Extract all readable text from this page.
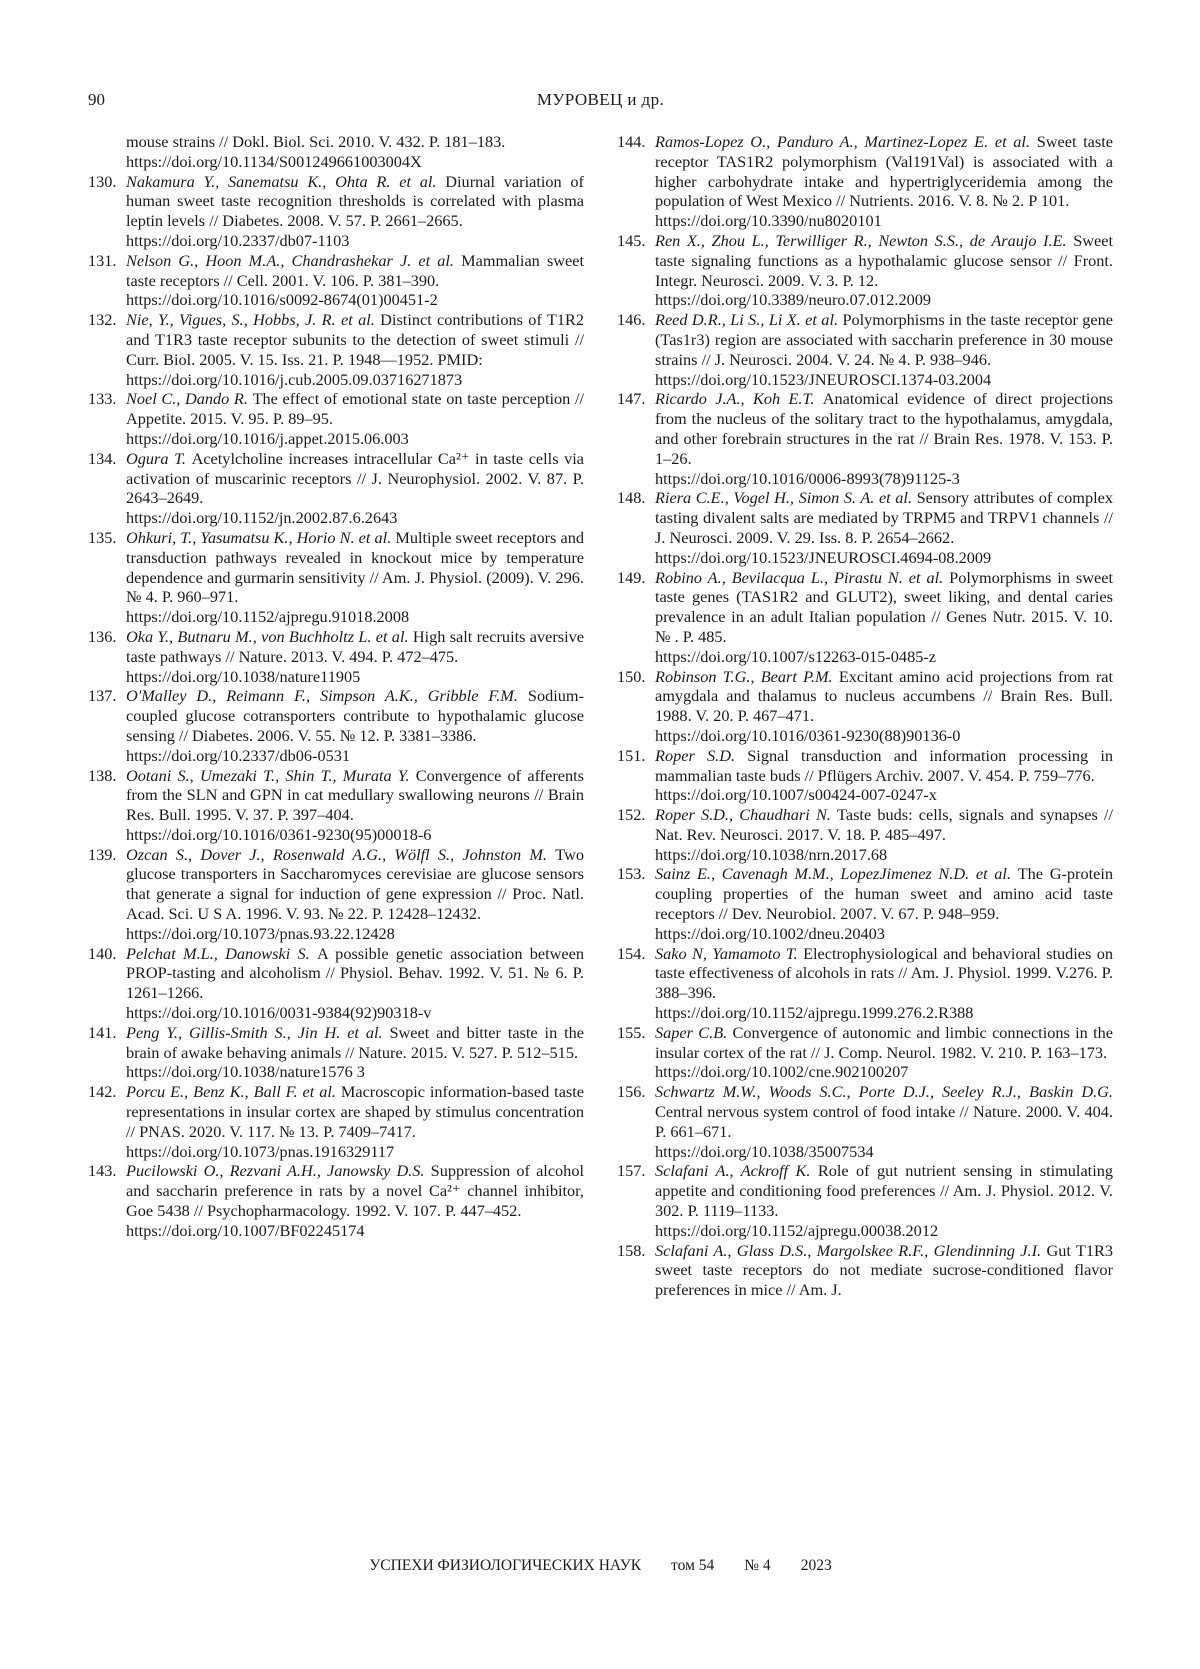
90	МУРОВЕЦ и др.

mouse strains // Dokl. Biol. Sci. 2010. V. 432. P. 181–183.

https://doi.org/10.1134/S001249661003004X
130. Nakamura Y., Sanematsu K., Ohta R. et al. Diurnal variation of human sweet taste recognition thresholds is correlated with plasma leptin levels // Diabetes. 2008. V. 57. P. 2661–2665.

https://doi.org/10.2337/db07-1103
131. Nelson G., Hoon M.A., Chandrashekar J. et al. Mammalian sweet taste receptors // Cell. 2001. V. 106. P. 381–390.

https://doi.org/10.1016/s0092-8674(01)00451-2
132. Nie, Y., Vigues, S., Hobbs, J. R. et al. Distinct contributions of T1R2 and T1R3 taste receptor subunits to the detection of sweet stimuli // Curr. Biol. 2005. V. 15. Iss. 21. P. 1948—1952. PMID:

https://doi.org/10.1016/j.cub.2005.09.03716271873
133. Noel C., Dando R. The effect of emotional state on taste perception // Appetite. 2015. V. 95. P. 89–95.

https://doi.org/10.1016/j.appet.2015.06.003
134. Ogura T. Acetylcholine increases intracellular Ca²⁺ in taste cells via activation of muscarinic receptors // J. Neurophysiol. 2002. V. 87. P. 2643–2649.

https://doi.org/10.1152/jn.2002.87.6.2643
135. Ohkuri, T., Yasumatsu K., Horio N. et al. Multiple sweet receptors and transduction pathways revealed in knockout mice by temperature dependence and gurmarin sensitivity // Am. J. Physiol. (2009). V. 296. № 4. P. 960–971.

https://doi.org/10.1152/ajpregu.91018.2008
136. Oka Y., Butnaru M., von Buchholtz L. et al. High salt recruits aversive taste pathways // Nature. 2013. V. 494. P. 472–475.

https://doi.org/10.1038/nature11905
137. O'Malley D., Reimann F., Simpson A.K., Gribble F.M. Sodium-coupled glucose cotransporters contribute to hypothalamic glucose sensing // Diabetes. 2006. V. 55. № 12. P. 3381–3386.

https://doi.org/10.2337/db06-0531
138. Ootani S., Umezaki T., Shin T., Murata Y. Convergence of afferents from the SLN and GPN in cat medullary swallowing neurons // Brain Res. Bull. 1995. V. 37. P. 397–404.

https://doi.org/10.1016/0361-9230(95)00018-6
139. Ozcan S., Dover J., Rosenwald A.G., Wölfl S., Johnston M. Two glucose transporters in Saccharomyces cerevisiae are glucose sensors that generate a signal for induction of gene expression // Proc. Natl. Acad. Sci. U S A. 1996. V. 93. № 22. P. 12428–12432.

https://doi.org/10.1073/pnas.93.22.12428
140. Pelchat M.L., Danowski S. A possible genetic association between PROP-tasting and alcoholism // Physiol. Behav. 1992. V. 51. № 6. P. 1261–1266.

https://doi.org/10.1016/0031-9384(92)90318-v
141. Peng Y., Gillis-Smith S., Jin H. et al. Sweet and bitter taste in the brain of awake behaving animals // Nature. 2015. V. 527. P. 512–515.

https://doi.org/10.1038/nature1576 3
142. Porcu E., Benz K., Ball F. et al. Macroscopic information-based taste representations in insular cortex are shaped by stimulus concentration // PNAS. 2020. V. 117. № 13. P. 7409–7417.

https://doi.org/10.1073/pnas.1916329117
143. Pucilowski O., Rezvani A.H., Janowsky D.S. Suppression of alcohol and saccharin preference in rats by a novel Ca²⁺ channel inhibitor, Goe 5438 // Psychopharmacology. 1992. V. 107. P. 447–452.

https://doi.org/10.1007/BF02245174
144. Ramos-Lopez O., Panduro A., Martinez-Lopez E. et al. Sweet taste receptor TAS1R2 polymorphism (Val191Val) is associated with a higher carbohydrate intake and hypertriglyceridemia among the population of West Mexico // Nutrients. 2016. V. 8. № 2. P 101.

https://doi.org/10.3390/nu8020101
145. Ren X., Zhou L., Terwilliger R., Newton S.S., de Araujo I.E. Sweet taste signaling functions as a hypothalamic glucose sensor // Front. Integr. Neurosci. 2009. V. 3. P. 12.

https://doi.org/10.3389/neuro.07.012.2009
146. Reed D.R., Li S., Li X. et al. Polymorphisms in the taste receptor gene (Tas1r3) region are associated with saccharin preference in 30 mouse strains // J. Neurosci. 2004. V. 24. № 4. P. 938–946.

https://doi.org/10.1523/JNEUROSCI.1374-03.2004
147. Ricardo J.A., Koh E.T. Anatomical evidence of direct projections from the nucleus of the solitary tract to the hypothalamus, amygdala, and other forebrain structures in the rat // Brain Res. 1978. V. 153. P. 1–26.

https://doi.org/10.1016/0006-8993(78)91125-3
148. Riera C.E., Vogel H., Simon S. A. et al. Sensory attributes of complex tasting divalent salts are mediated by TRPM5 and TRPV1 channels // J. Neurosci. 2009. V. 29. Iss. 8. P. 2654–2662.

https://doi.org/10.1523/JNEUROSCI.4694-08.2009
149. Robino A., Bevilacqua L., Pirastu N. et al. Polymorphisms in sweet taste genes (TAS1R2 and GLUT2), sweet liking, and dental caries prevalence in an adult Italian population // Genes Nutr. 2015. V. 10. № . P. 485.

https://doi.org/10.1007/s12263-015-0485-z
150. Robinson T.G., Beart P.M. Excitant amino acid projections from rat amygdala and thalamus to nucleus accumbens // Brain Res. Bull. 1988. V. 20. P. 467–471.

https://doi.org/10.1016/0361-9230(88)90136-0
151. Roper S.D. Signal transduction and information processing in mammalian taste buds // Pflügers Archiv. 2007. V. 454. P. 759–776.

https://doi.org/10.1007/s00424-007-0247-x
152. Roper S.D., Chaudhari N. Taste buds: cells, signals and synapses // Nat. Rev. Neurosci. 2017. V. 18. P. 485–497.

https://doi.org/10.1038/nrn.2017.68
153. Sainz E., Cavenagh M.M., LopezJimenez N.D. et al. The G-protein coupling properties of the human sweet and amino acid taste receptors // Dev. Neurobiol. 2007. V. 67. P. 948–959.

https://doi.org/10.1002/dneu.20403
154. Sako N, Yamamoto T. Electrophysiological and behavioral studies on taste effectiveness of alcohols in rats // Am. J. Physiol. 1999. V.276. P. 388–396.

https://doi.org/10.1152/ajpregu.1999.276.2.R388
155. Saper C.B. Convergence of autonomic and limbic connections in the insular cortex of the rat // J. Comp. Neurol. 1982. V. 210. P. 163–173.

https://doi.org/10.1002/cne.902100207
156. Schwartz M.W., Woods S.C., Porte D.J., Seeley R.J., Baskin D.G. Central nervous system control of food intake // Nature. 2000. V. 404. P. 661–671.

https://doi.org/10.1038/35007534
157. Sclafani A., Ackroff K. Role of gut nutrient sensing in stimulating appetite and conditioning food preferences // Am. J. Physiol. 2012. V. 302. P. 1119–1133.

https://doi.org/10.1152/ajpregu.00038.2012
158. Sclafani A., Glass D.S., Margolskee R.F., Glendinning J.I. Gut T1R3 sweet taste receptors do not mediate sucrose-conditioned flavor preferences in mice // Am. J.

УСПЕХИ ФИЗИОЛОГИЧЕСКИХ НАУК том 54 № 4 2023
